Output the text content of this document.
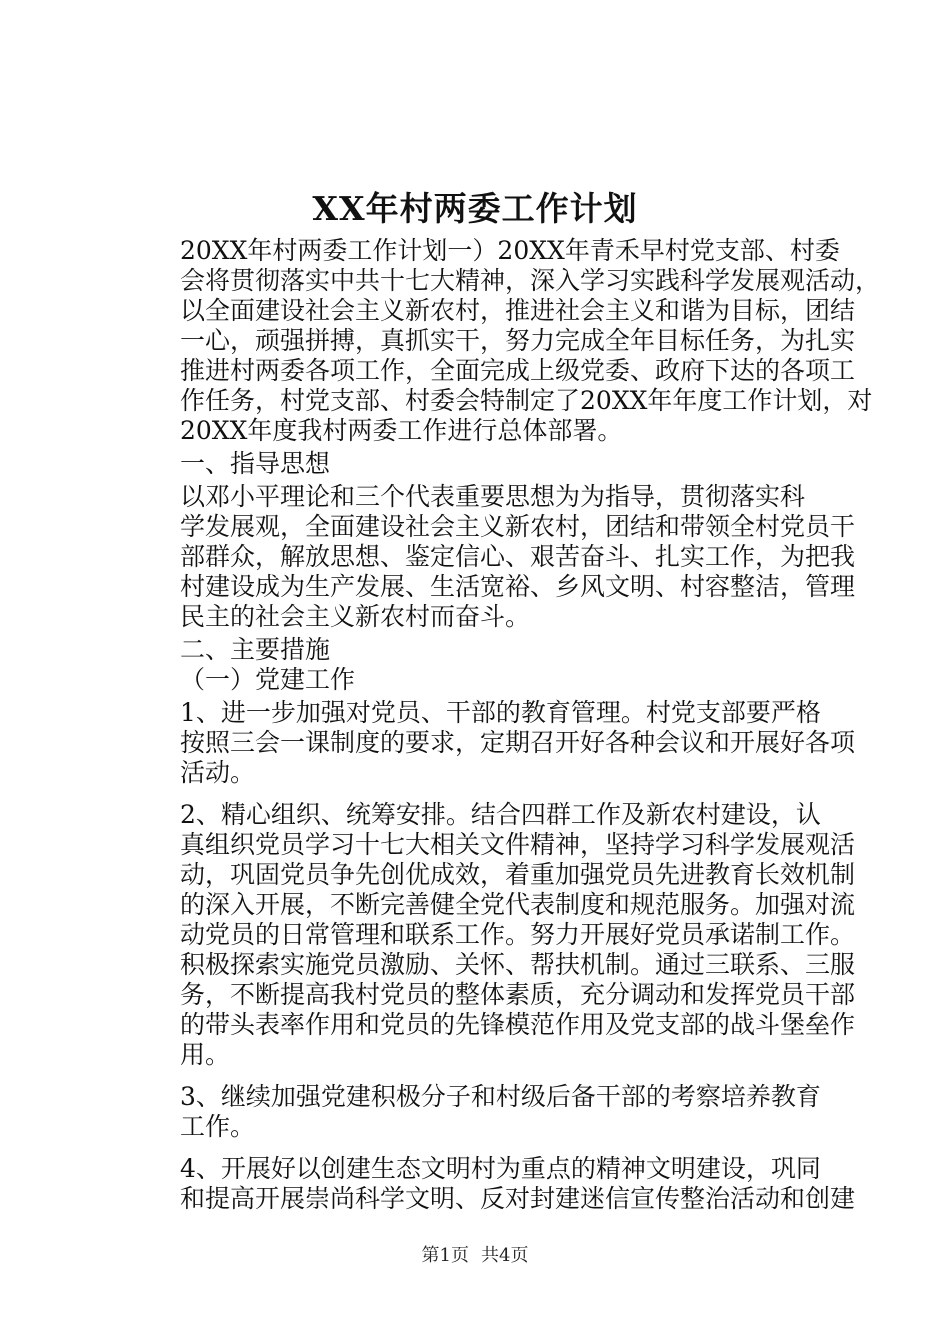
XX年村两委工作计划

20XX年村两委工作计划一）20XX年青禾早村党支部、村委
会将贯彻落实中共十七大精神，深入学习实践科学发展观活动，
以全面建设社会主义新农村，推进社会主义和谐为目标，团结
一心，顽强拼搏，真抓实干，努力完成全年目标任务，为扎实
推进村两委各项工作，全面完成上级党委、政府下达的各项工
作任务，村党支部、村委会特制定了20XX年年度工作计划，对
20XX年度我村两委工作进行总体部署。

一、指导思想

以邓小平理论和三个代表重要思想为为指导，贯彻落实科
学发展观，全面建设社会主义新农村，团结和带领全村党员干
部群众，解放思想、鉴定信心、艰苦奋斗、扎实工作，为把我
村建设成为生产发展、生活宽裕、乡风文明、村容整洁，管理
民主的社会主义新农村而奋斗。

二、主要措施

（一）党建工作

1、进一步加强对党员、干部的教育管理。村党支部要严格
按照三会一课制度的要求，定期召开好各种会议和开展好各项
活动。

2、精心组织、统筹安排。结合四群工作及新农村建设，认
真组织党员学习十七大相关文件精神，坚持学习科学发展观活
动，巩固党员争先创优成效，着重加强党员先进教育长效机制
的深入开展，不断完善健全党代表制度和规范服务。加强对流
动党员的日常管理和联系工作。努力开展好党员承诺制工作。
积极探索实施党员激励、关怀、帮扶机制。通过三联系、三服
务，不断提高我村党员的整体素质，充分调动和发挥党员干部
的带头表率作用和党员的先锋模范作用及党支部的战斗堡垒作
用。

3、继续加强党建积极分子和村级后备干部的考察培养教育
工作。

4、开展好以创建生态文明村为重点的精神文明建设，巩同
和提高开展崇尚科学文明、反对封建迷信宣传整治活动和创建

第1页 共4页
